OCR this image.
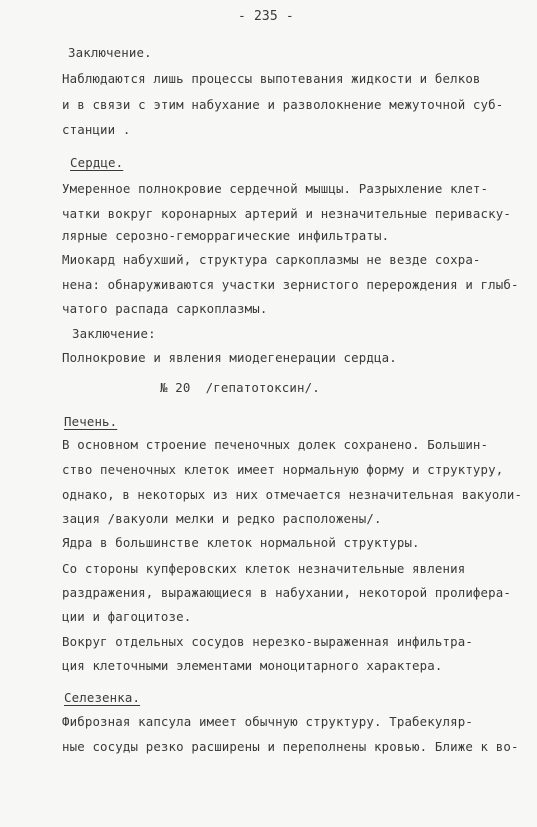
- 235 -
Заключение.
Наблюдаются лишь процессы выпотевания жидкости и белков
и в связи с этим набухание и разволокнение межуточной суб-
станции .
Сердце.
Умеренное полнокровие сердечной мышцы. Разрыхление клет-
чатки вокруг коронарных артерий и незначительные периваску-
лярные серозно-геморрагические инфильтраты.
Миокард набухший, структура саркоплазмы не везде сохра-
нена: обнаруживаются участки зернистого перерождения и глыб-
чатого распада саркоплазмы.
Заключение:
Полнокровие и явления миодегенерации сердца.
№ 20  /гепатотоксин/.
Печень.
В основном строение печеночных долек сохранено. Большин-
ство печеночных клеток имеет нормальную форму и структуру,
однако, в некоторых из них отмечается незначительная вакуоли-
зация /вакуоли мелки и редко расположены/.
Ядра в большинстве клеток нормальной структуры.
Со стороны купферовских клеток незначительные явления
раздражения, выражающиеся в набухании, некоторой пролифера-
ции и фагоцитозе.
Вокруг отдельных сосудов нерезко-выраженная инфильтра-
ция клеточными элементами моноцитарного характера.
Селезенка.
Фиброзная капсула имеет обычную структуру. Трабекуляр-
ные сосуды резко расширены и переполнены кровью. Ближе к во-
